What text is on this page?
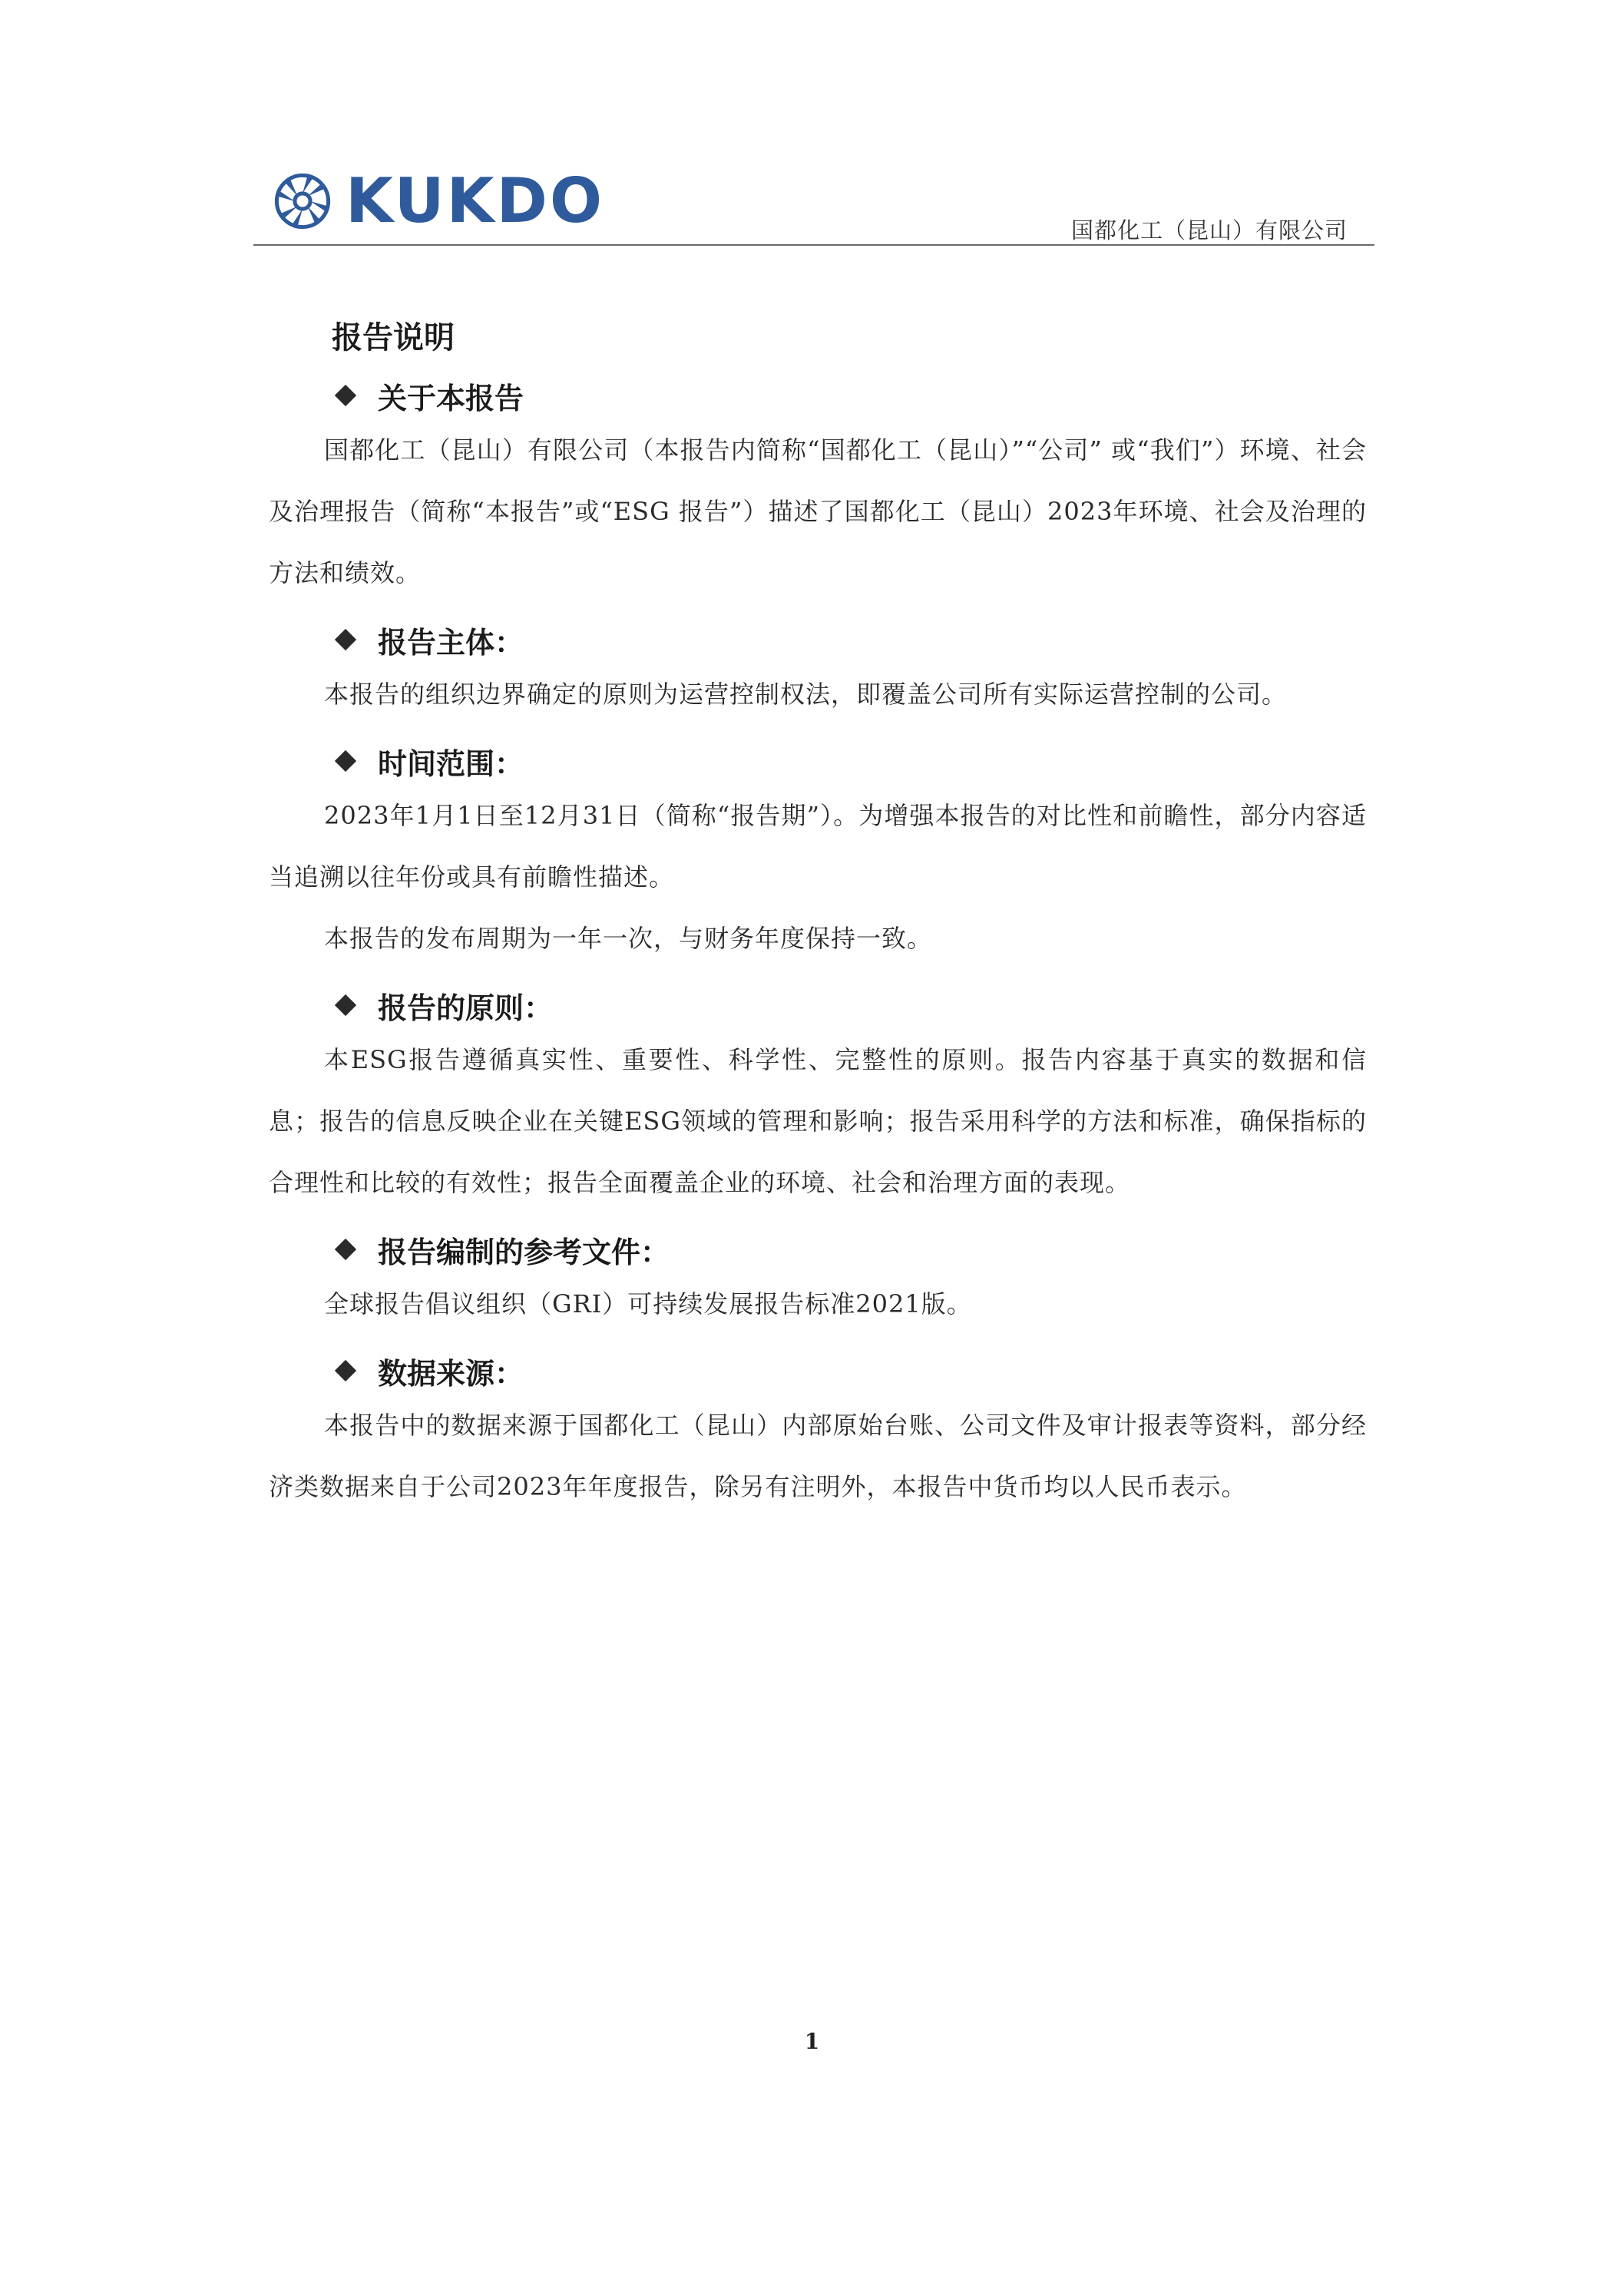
KUKDO	国都化工（昆山）有限公司
报告说明
关于本报告

国都化工（昆山）有限公司（本报告内简称“国都化工（昆山）”“公司” 或“我们”）环境、社会及治理报告（简称“本报告”或“ESG 报告”）描述了国都化工（昆山）2023年环境、社会及治理的方法和绩效。

报告主体：

本报告的组织边界确定的原则为运营控制权法，即覆盖公司所有实际运营控制的公司。

时间范围：

2023年1月1日至12月31日（简称“报告期”）。为增强本报告的对比性和前瞻性，部分内容适当追溯以往年份或具有前瞻性描述。

本报告的发布周期为一年一次，与财务年度保持一致。

报告的原则：

本ESG报告遵循真实性、重要性、科学性、完整性的原则。报告内容基于真实的数据和信息；报告的信息反映企业在关键ESG领域的管理和影响；报告采用科学的方法和标准，确保指标的合理性和比较的有效性；报告全面覆盖企业的环境、社会和治理方面的表现。

报告编制的参考文件：

全球报告倡议组织（GRI）可持续发展报告标准2021版。

数据来源：

本报告中的数据来源于国都化工（昆山）内部原始台账、公司文件及审计报表等资料，部分经济类数据来自于公司2023年年度报告，除另有注明外，本报告中货币均以人民币表示。

1
